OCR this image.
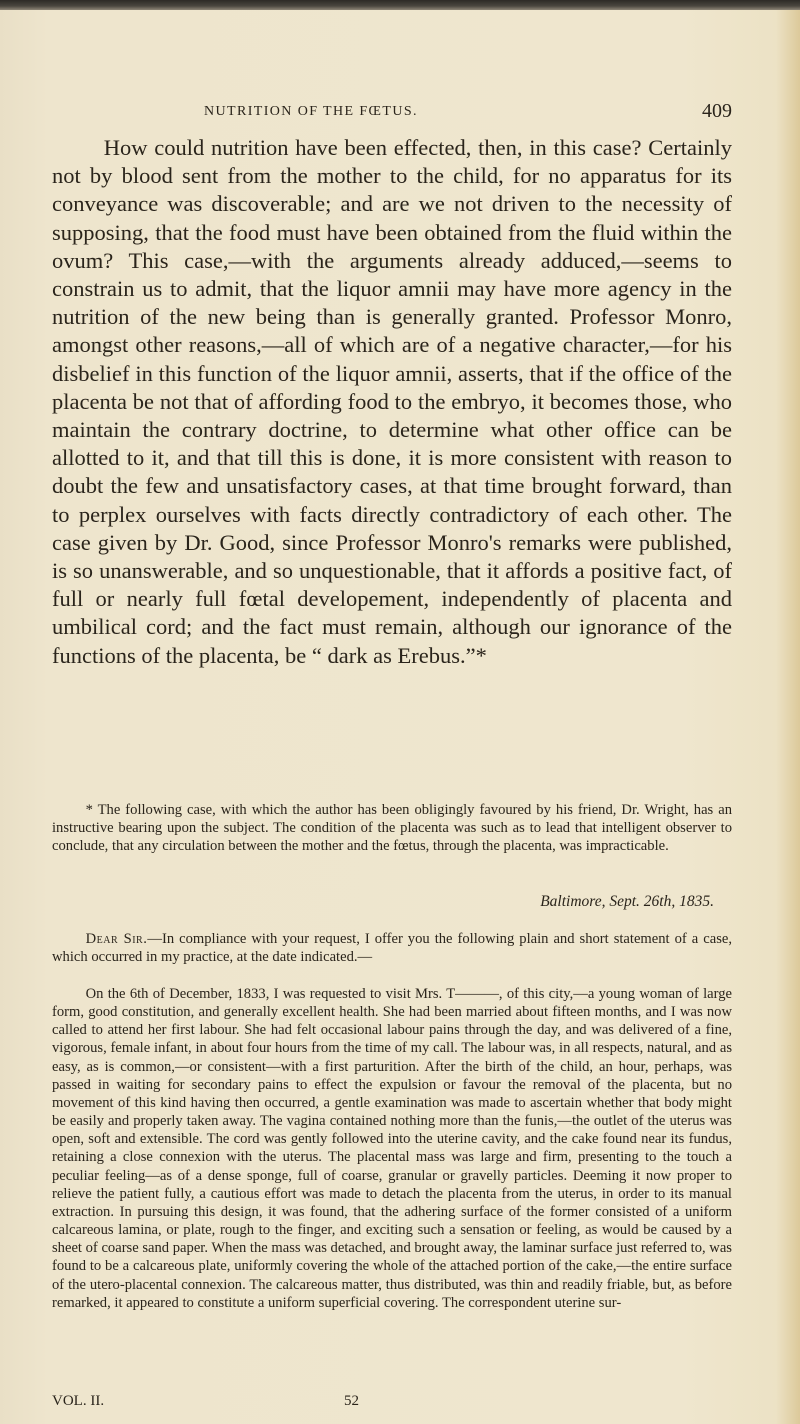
NUTRITION OF THE FŒTUS.	409

How could nutrition have been effected, then, in this case? Certainly not by blood sent from the mother to the child, for no apparatus for its conveyance was discoverable; and are we not driven to the necessity of supposing, that the food must have been obtained from the fluid within the ovum? This case,—with the arguments already adduced,—seems to constrain us to admit, that the liquor amnii may have more agency in the nutrition of the new being than is generally granted. Professor Monro, amongst other reasons,—all of which are of a negative character,—for his disbelief in this function of the liquor amnii, asserts, that if the office of the placenta be not that of affording food to the embryo, it becomes those, who maintain the contrary doctrine, to determine what other office can be allotted to it, and that till this is done, it is more consistent with reason to doubt the few and unsatisfactory cases, at that time brought forward, than to perplex ourselves with facts directly contradictory of each other. The case given by Dr. Good, since Professor Monro's remarks were published, is so unanswerable, and so unquestionable, that it affords a positive fact, of full or nearly full fœtal developement, independently of placenta and umbilical cord; and the fact must remain, although our ignorance of the functions of the placenta, be “ dark as Erebus.”*

* The following case, with which the author has been obligingly favoured by his friend, Dr. Wright, has an instructive bearing upon the subject. The condition of the placenta was such as to lead that intelligent observer to conclude, that any circulation between the mother and the fœtus, through the placenta, was impracticable.

Baltimore, Sept. 26th, 1835.

Dear Sir.—In compliance with your request, I offer you the following plain and short statement of a case, which occurred in my practice, at the date indicated.—

On the 6th of December, 1833, I was requested to visit Mrs. T———, of this city,—a young woman of large form, good constitution, and generally excellent health. She had been married about fifteen months, and I was now called to attend her first labour. She had felt occasional labour pains through the day, and was delivered of a fine, vigorous, female infant, in about four hours from the time of my call. The labour was, in all respects, natural, and as easy, as is common,—or consistent—with a first parturition. After the birth of the child, an hour, perhaps, was passed in waiting for secondary pains to effect the expulsion or favour the removal of the placenta, but no movement of this kind having then occurred, a gentle examination was made to ascertain whether that body might be easily and properly taken away. The vagina contained nothing more than the funis,—the outlet of the uterus was open, soft and extensible. The cord was gently followed into the uterine cavity, and the cake found near its fundus, retaining a close connexion with the uterus. The placental mass was large and firm, presenting to the touch a peculiar feeling—as of a dense sponge, full of coarse, granular or gravelly particles. Deeming it now proper to relieve the patient fully, a cautious effort was made to detach the placenta from the uterus, in order to its manual extraction. In pursuing this design, it was found, that the adhering surface of the former consisted of a uniform calcareous lamina, or plate, rough to the finger, and exciting such a sensation or feeling, as would be caused by a sheet of coarse sand paper. When the mass was detached, and brought away, the laminar surface just referred to, was found to be a calcareous plate, uniformly covering the whole of the attached portion of the cake,—the entire surface of the utero-placental connexion. The calcareous matter, thus distributed, was thin and readily friable, but, as before remarked, it appeared to constitute a uniform superficial covering. The correspondent uterine sur-

VOL. II.	52
